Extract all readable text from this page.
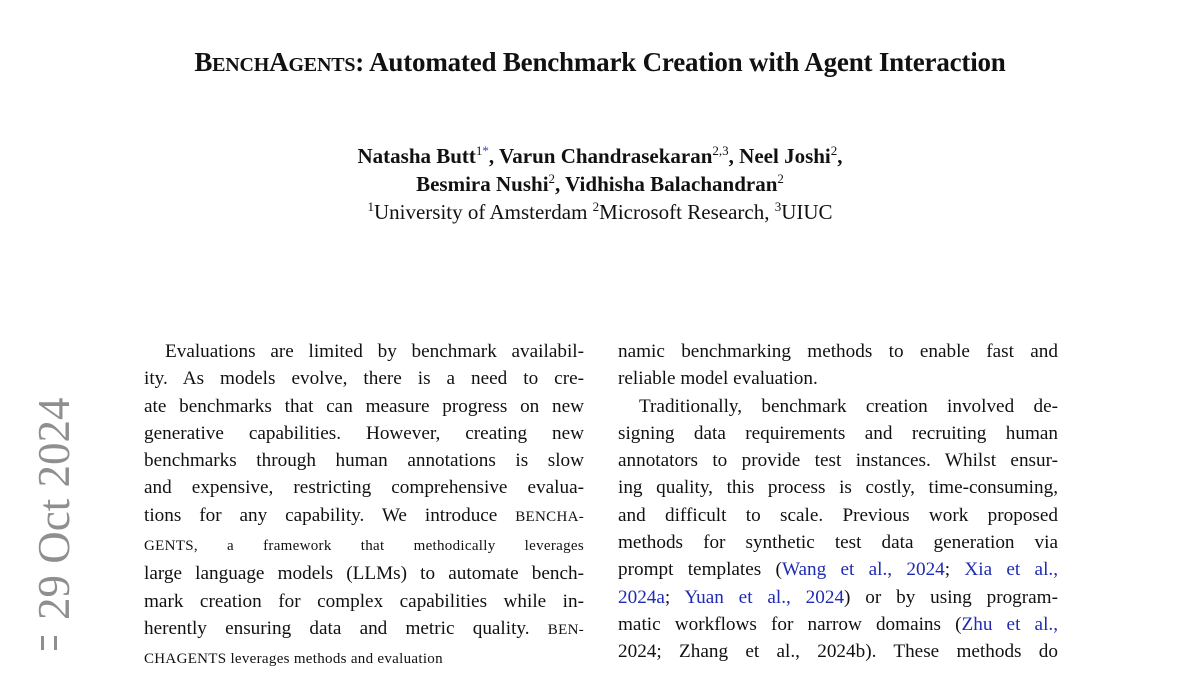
BENCHAGENTS: Automated Benchmark Creation with Agent Interaction
Natasha Butt$^{1*}$, Varun Chandrasekaran$^{2,3}$, Neel Joshi$^2$,
Besmira Nushi$^2$, Vidhisha Balachandran$^2$
$^1$University of Amsterdam $^2$Microsoft Research, $^3$UIUC
29 Oct 2024
Evaluations are limited by benchmark availabil-
ity. As models evolve, there is a need to cre-
ate benchmarks that can measure progress on new
generative capabilities. However, creating new
benchmarks through human annotations is slow
and expensive, restricting comprehensive evalua-
tions for any capability. We introduce BENCHA-
GENTS, a framework that methodically leverages
large language models (LLMs) to automate bench-
mark creation for complex capabilities while in-
herently ensuring data and metric quality. BEN-
CHAGENTS leverages methods and evaluation
namic benchmarking methods to enable fast and
reliable model evaluation.
Traditionally, benchmark creation involved de-
signing data requirements and recruiting human
annotators to provide test instances. Whilst ensur-
ing quality, this process is costly, time-consuming,
and difficult to scale. Previous work proposed
methods for synthetic test data generation via
prompt templates (Wang et al., 2024; Xia et al.,
2024a; Yuan et al., 2024) or by using program-
matic workflows for narrow domains (Zhu et al.,
2024; Zhang et al., 2024b). These methods do
